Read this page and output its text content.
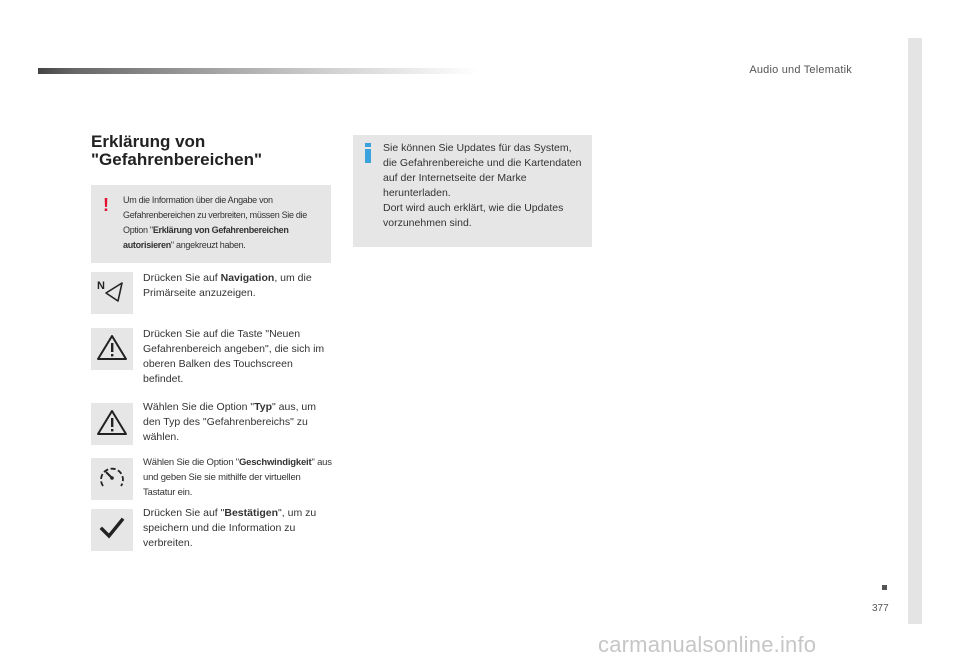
Audio und Telematik
377
Erklärung von
"Gefahrenbereichen"
! Um die Information über die Angabe von Gefahrenbereichen zu verbreiten, müssen Sie die Option "Erklärung von Gefahrenbereichen autorisieren" angekreuzt haben.
Sie können Sie Updates für das System, die Gefahrenbereiche und die Kartendaten auf der Internetseite der Marke herunterladen.
Dort wird auch erklärt, wie die Updates vorzunehmen sind.
N
Drücken Sie auf Navigation, um die Primärseite anzuzeigen.
Drücken Sie auf die Taste "Neuen Gefahrenbereich angeben", die sich im oberen Balken des Touchscreen befindet.
Wählen Sie die Option "Typ" aus, um den Typ des "Gefahrenbereichs" zu wählen.
Wählen Sie die Option "Geschwindigkeit" aus und geben Sie sie mithilfe der virtuellen Tastatur ein.
Drücken Sie auf "Bestätigen", um zu speichern und die Information zu verbreiten.
carmanualsonline.info
